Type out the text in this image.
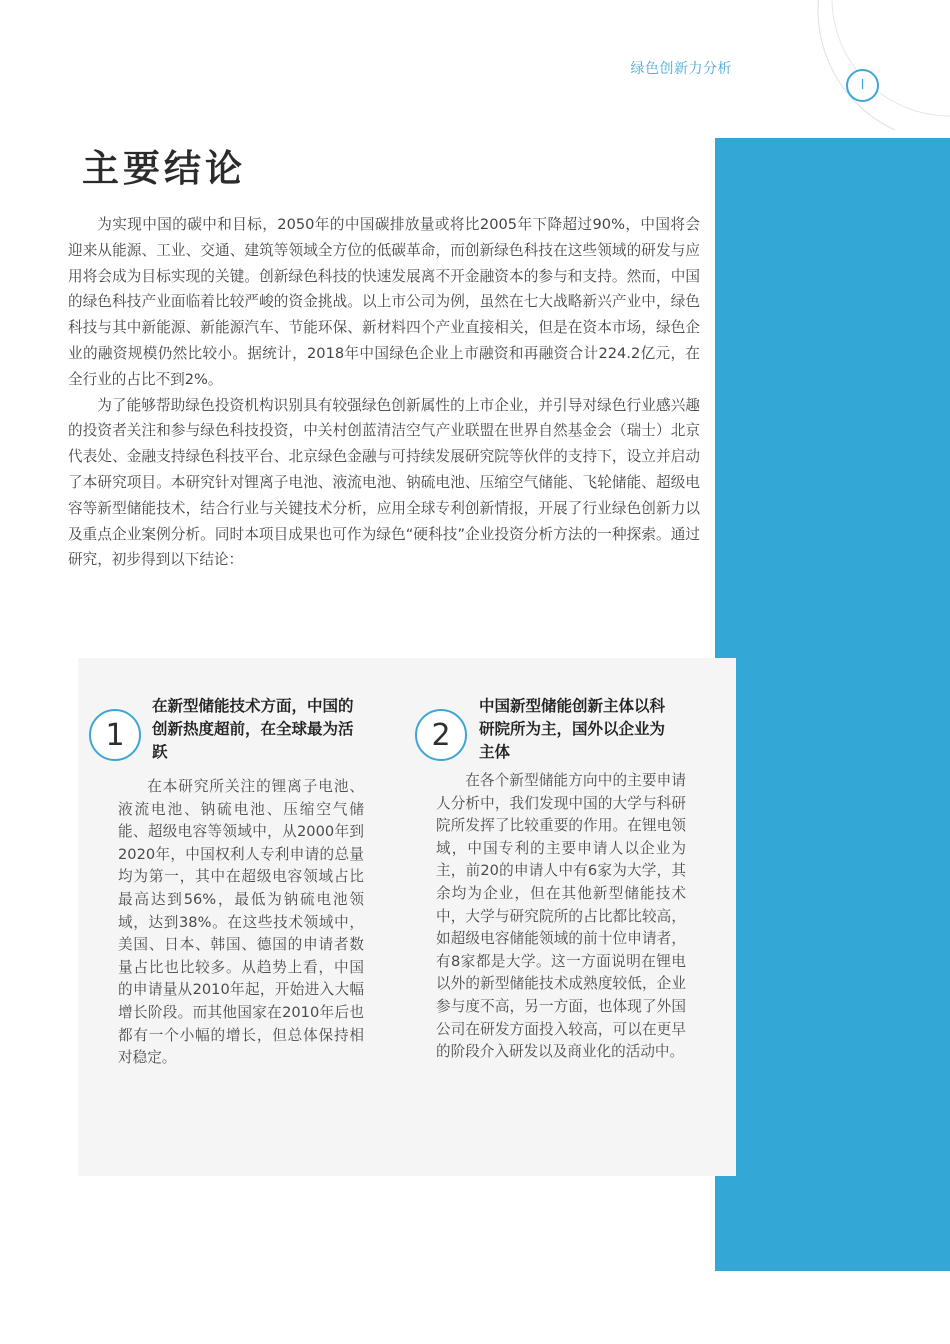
绿色创新力分析
I
主要结论

为实现中国的碳中和目标，2050年的中国碳排放量或将比2005年下降超过90%，中国将会迎来从能源、工业、交通、建筑等领域全方位的低碳革命，而创新绿色科技在这些领域的研发与应用将会成为目标实现的关键。创新绿色科技的快速发展离不开金融资本的参与和支持。然而，中国的绿色科技产业面临着比较严峻的资金挑战。以上市公司为例，虽然在七大战略新兴产业中，绿色科技与其中新能源、新能源汽车、节能环保、新材料四个产业直接相关，但是在资本市场，绿色企业的融资规模仍然比较小。据统计，2018年中国绿色企业上市融资和再融资合计224.2亿元，在全行业的占比不到2%。

为了能够帮助绿色投资机构识别具有较强绿色创新属性的上市企业，并引导对绿色行业感兴趣的投资者关注和参与绿色科技投资，中关村创蓝清洁空气产业联盟在世界自然基金会（瑞士）北京代表处、金融支持绿色科技平台、北京绿色金融与可持续发展研究院等伙伴的支持下，设立并启动了本研究项目。本研究针对锂离子电池、液流电池、钠硫电池、压缩空气储能、飞轮储能、超级电容等新型储能技术，结合行业与关键技术分析，应用全球专利创新情报，开展了行业绿色创新力以及重点企业案例分析。同时本项目成果也可作为绿色“硬科技”企业投资分析方法的一种探索。通过研究，初步得到以下结论：

1
在新型储能技术方面，中国的创新热度超前，在全球最为活跃

在本研究所关注的锂离子电池、液流电池、钠硫电池、压缩空气储能、超级电容等领域中，从2000年到2020年，中国权利人专利申请的总量均为第一，其中在超级电容领域占比最高达到56%，最低为钠硫电池领域，达到38%。在这些技术领域中，美国、日本、韩国、德国的申请者数量占比也比较多。从趋势上看，中国的申请量从2010年起，开始进入大幅增长阶段。而其他国家在2010年后也都有一个小幅的增长，但总体保持相对稳定。

2
中国新型储能创新主体以科研院所为主，国外以企业为主体

在各个新型储能方向中的主要申请人分析中，我们发现中国的大学与科研院所发挥了比较重要的作用。在锂电领域，中国专利的主要申请人以企业为主，前20的申请人中有6家为大学，其余均为企业，但在其他新型储能技术中，大学与研究院所的占比都比较高，如超级电容储能领域的前十位申请者，有8家都是大学。这一方面说明在锂电以外的新型储能技术成熟度较低，企业参与度不高，另一方面，也体现了外国公司在研发方面投入较高，可以在更早的阶段介入研发以及商业化的活动中。
